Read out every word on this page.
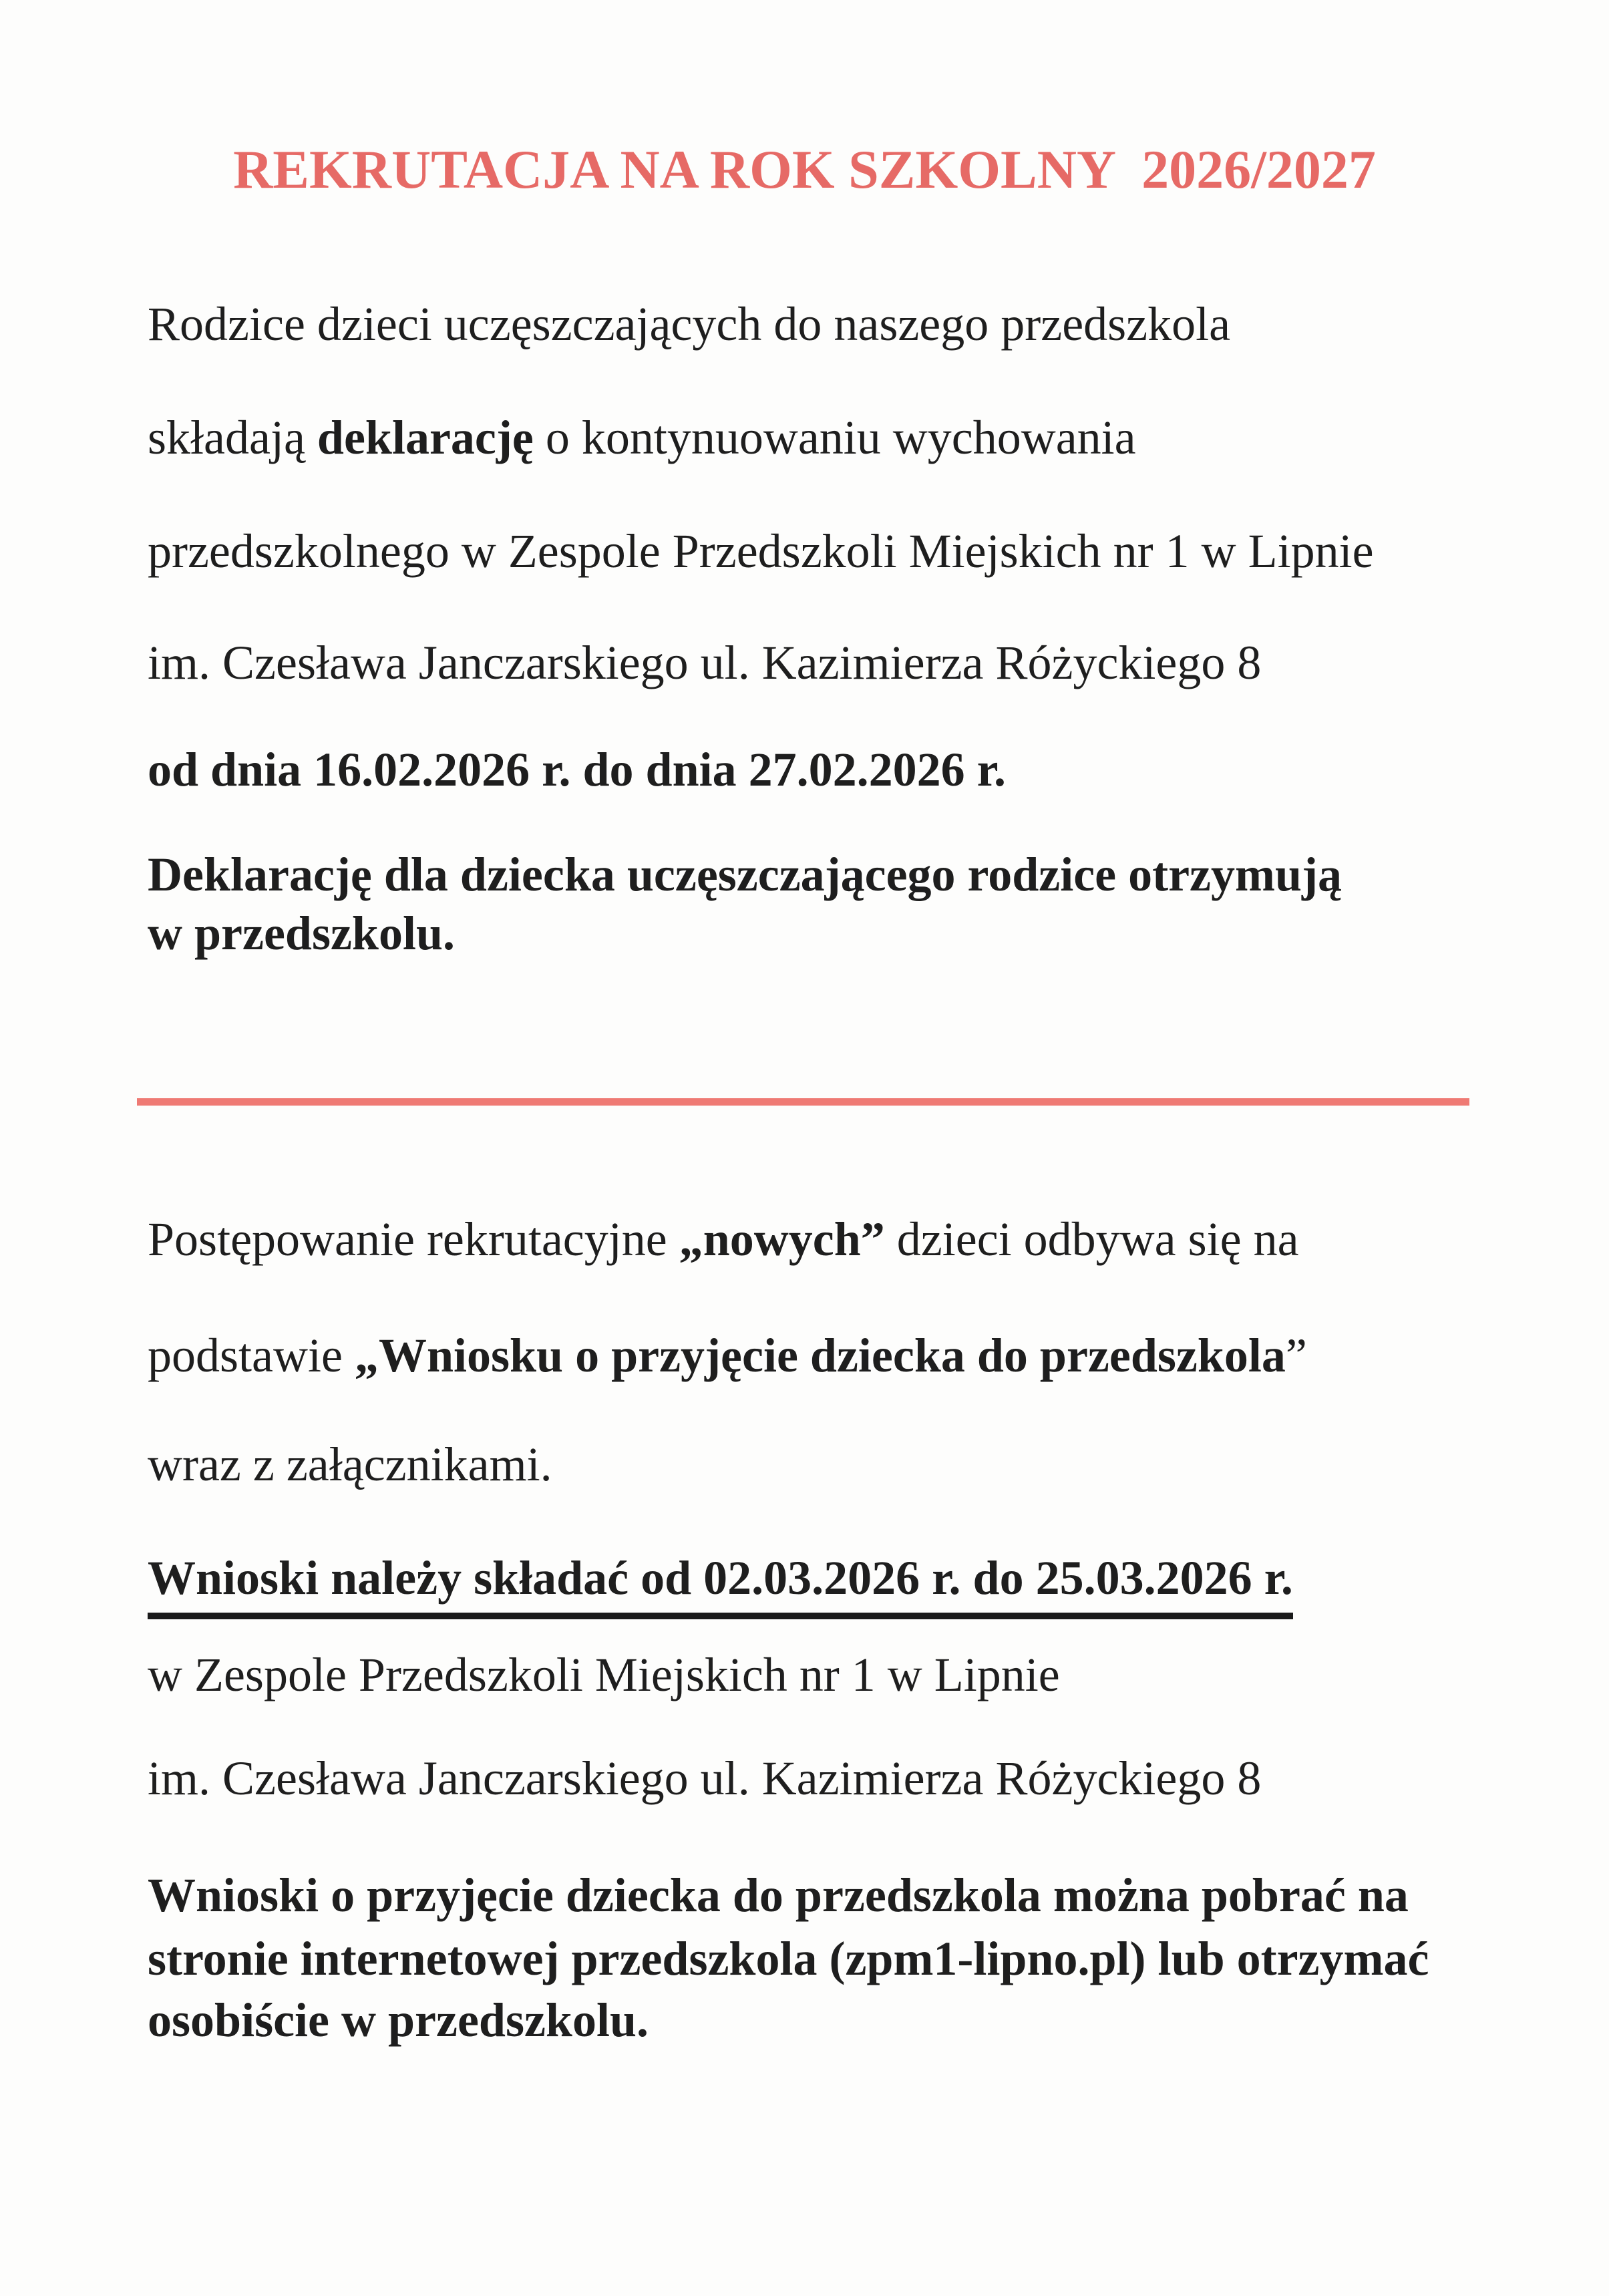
REKRUTACJA NA ROK SZKOLNY  2026/2027

Rodzice dzieci uczęszczających do naszego przedszkola

składają deklarację o kontynuowaniu wychowania

przedszkolnego w Zespole Przedszkoli Miejskich nr 1 w Lipnie

im. Czesława Janczarskiego ul. Kazimierza Różyckiego 8

od dnia 16.02.2026 r. do dnia 27.02.2026 r.

Deklarację dla dziecka uczęszczającego rodzice otrzymują

w przedszkolu.

Postępowanie rekrutacyjne „nowych” dzieci odbywa się na

podstawie „Wniosku o przyjęcie dziecka do przedszkola”

wraz z załącznikami.

Wnioski należy składać od 02.03.2026 r. do 25.03.2026 r.

w Zespole Przedszkoli Miejskich nr 1 w Lipnie

im. Czesława Janczarskiego ul. Kazimierza Różyckiego 8

Wnioski o przyjęcie dziecka do przedszkola można pobrać na

stronie internetowej przedszkola (zpm1-lipno.pl) lub otrzymać

osobiście w przedszkolu.
